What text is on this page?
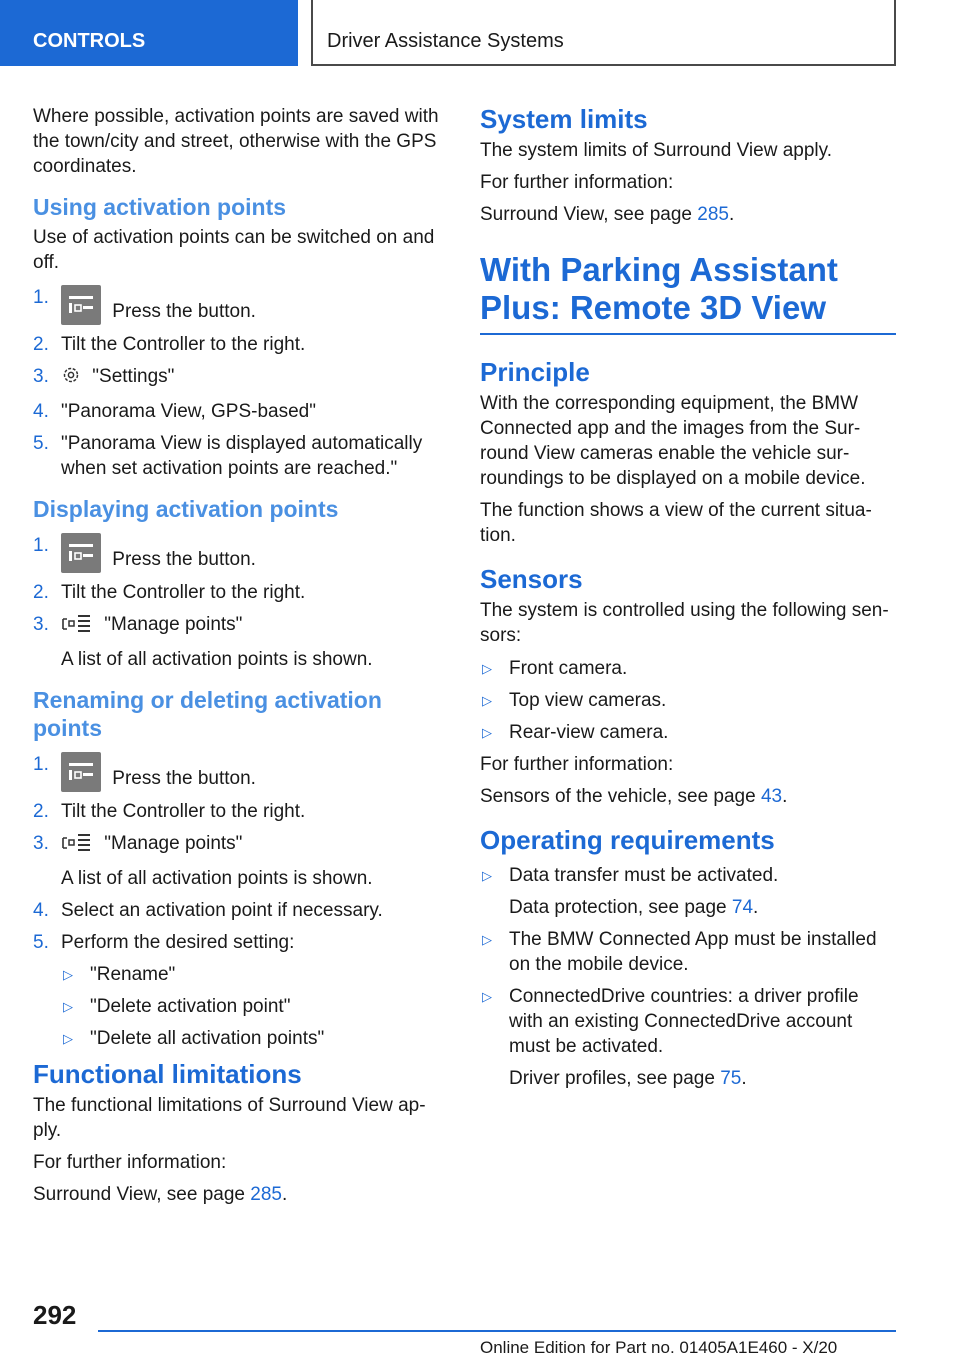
CONTROLS	Driver Assistance Systems

Where possible, activation points are saved with the town/city and street, otherwise with the GPS coordinates.

Using activation points

Use of activation points can be switched on and off.

1.
Press the button.
2. Tilt the Controller to the right.
3. "Settings"
4. "Panorama View, GPS-based"
5. "Panorama View is displayed automatically when set activation points are reached."
Displaying activation points
1.
Press the button.
2. Tilt the Controller to the right.
3.	"Manage points"
A list of all activation points is shown.
Renaming or deleting activation points
1.
Press the button.
2. Tilt the Controller to the right.
3.	"Manage points"
A list of all activation points is shown.
4. Select an activation point if necessary.
5. Perform the desired setting:
▷ "Rename"
▷ "Delete activation point"
▷ "Delete all activation points"
Functional limitations

The functional limitations of Surround View ap‐ply.

For further information:

Surround View, see page 285.

System limits

The system limits of Surround View apply.

For further information:

Surround View, see page 285.

With Parking Assistant Plus: Remote 3D View
Principle

With the corresponding equipment, the BMW Connected app and the images from the Sur‐round View cameras enable the vehicle sur‐roundings to be displayed on a mobile device.

The function shows a view of the current situa‐tion.

Sensors

The system is controlled using the following sen‐sors:

▷ Front camera.
▷ Top view cameras.
▷ Rear-view camera.

For further information:

Sensors of the vehicle, see page 43.

Operating requirements
▷ Data transfer must be activated.
Data protection, see page 74.
▷ The BMW Connected App must be installed on the mobile device.
▷ ConnectedDrive countries: a driver profile with an existing ConnectedDrive account must be activated.
Driver profiles, see page 75.
292
Online Edition for Part no. 01405A1E460 - X/20
